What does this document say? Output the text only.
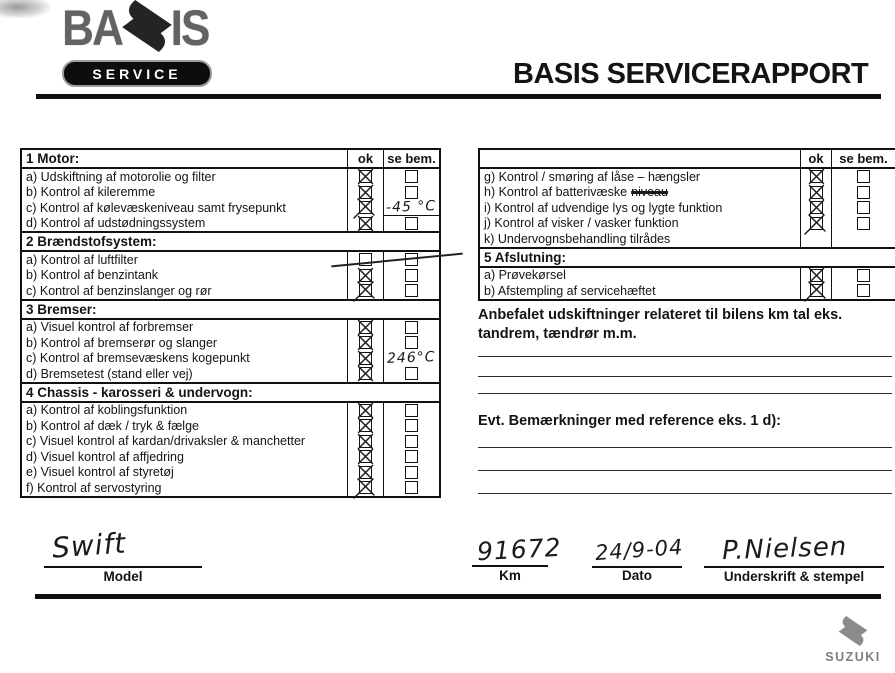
BA IS
SERVICE	BASIS SERVICERAPPORT
1 Motor:	ok	se bem.
a) Udskiftning af motorolie og filter
b) Kontrol af kileremme
c) Kontrol af kølevæskeniveau samt frysepunkt	-45 °C
d) Kontrol af udstødningssystem
2 Brændstofsystem:
a) Kontrol af luftfilter
b) Kontrol af benzintank
c) Kontrol af benzinslanger og rør
3 Bremser:
a) Visuel kontrol af forbremser
b) Kontrol af bremserør og slanger
c) Kontrol af bremsevæskens kogepunkt	246°C
d) Bremsetest (stand eller vej)
4 Chassis - karosseri & undervogn:
a) Kontrol af koblingsfunktion
b) Kontrol af dæk / tryk & fælge
c) Visuel kontrol af kardan/drivaksler & manchetter
d) Visuel kontrol af affjedring
e) Visuel kontrol af styretøj
f) Kontrol af servostyring
ok	se bem.
g) Kontrol / smøring af låse – hængsler
h) Kontrol af batterivæske niveau
i) Kontrol af udvendige lys og lygte funktion
j) Kontrol af visker / vasker funktion
k) Undervognsbehandling tilrådes
5 Afslutning:
a) Prøvekørsel
b) Afstempling af servicehæftet
Anbefalet udskiftninger relateret til bilens km tal eks. tandrem, tændrør m.m.
Evt. Bemærkninger med reference eks. 1 d):
Swift
Model
91672
Km
24/9-04
Dato
P.Nielsen
Underskrift & stempel
SUZUKI
